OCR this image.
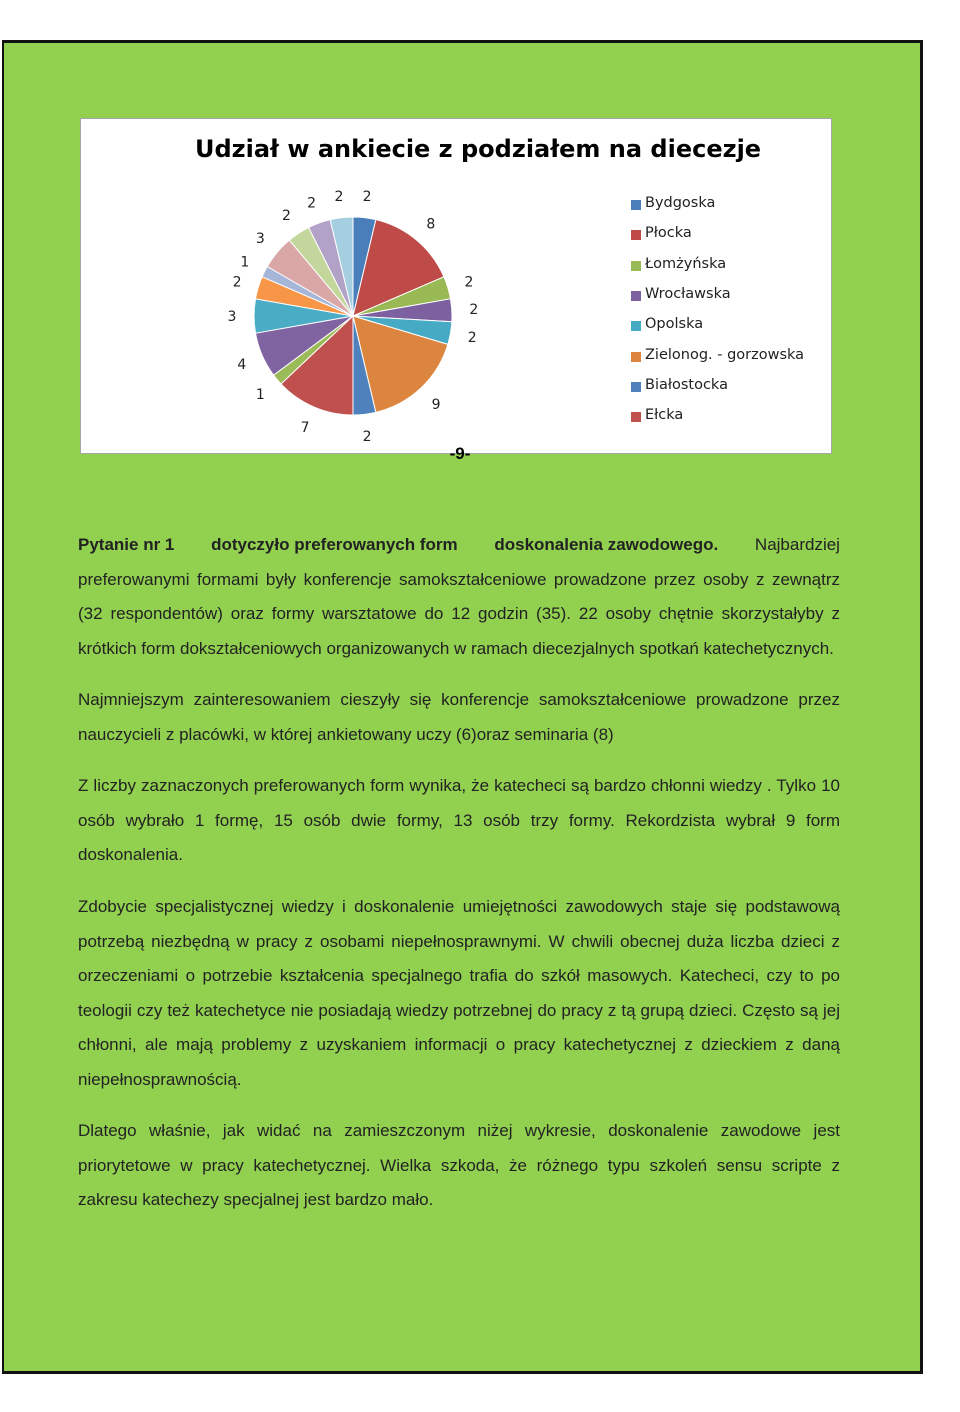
Udział w ankiecie z podziałem na diecezje
2
8
2
2
2
9
2
7
1
4
3
2
1
3
2
2 2	Bydgoska
Płocka
Łomżyńska
Wrocławska
Opolska
Zielonog. - gorzowska
Białostocka
Ełcka
-9-
Pytanie nr 1 dotyczyło preferowanych form doskonalenia zawodowego. Najbardziej

preferowanymi formami były konferencje samokształceniowe prowadzone przez osoby z zewnątrz (32 respondentów) oraz formy warsztatowe do 12 godzin (35). 22 osoby chętnie skorzystałyby z krótkich form dokształceniowych organizowanych w ramach diecezjalnych spotkań katechetycznych.

Najmniejszym zainteresowaniem cieszyły się konferencje samokształceniowe prowadzone przez nauczycieli z placówki, w której ankietowany uczy (6)oraz seminaria (8)

Z liczby zaznaczonych preferowanych form wynika, że katecheci są bardzo chłonni wiedzy . Tylko 10 osób wybrało 1 formę, 15 osób dwie formy, 13 osób trzy formy. Rekordzista wybrał 9 form doskonalenia.

Zdobycie specjalistycznej wiedzy i doskonalenie umiejętności zawodowych staje się podstawową potrzebą niezbędną w pracy z osobami niepełnosprawnymi. W chwili obecnej duża liczba dzieci z orzeczeniami o potrzebie kształcenia specjalnego trafia do szkół masowych. Katecheci, czy to po teologii czy też katechetyce nie posiadają wiedzy potrzebnej do pracy z tą grupą dzieci. Często są jej chłonni, ale mają problemy z uzyskaniem informacji o pracy katechetycznej z dzieckiem z daną niepełnosprawnością.

Dlatego właśnie, jak widać na zamieszczonym niżej wykresie, doskonalenie zawodowe jest priorytetowe w pracy katechetycznej. Wielka szkoda, że różnego typu szkoleń sensu scripte z zakresu katechezy specjalnej jest bardzo mało.
